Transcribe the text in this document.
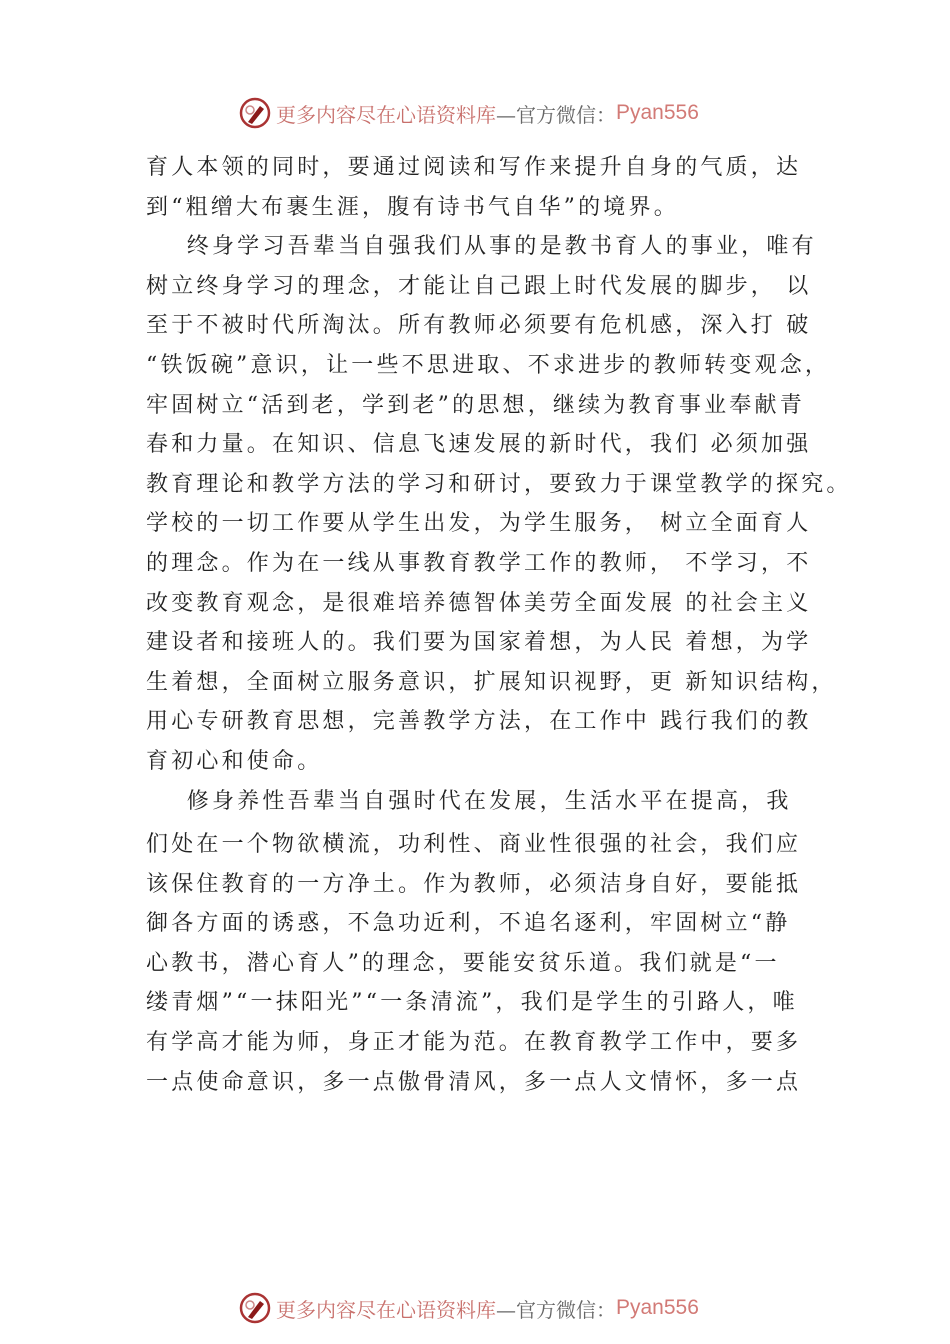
更多内容尽在心语资料库 —官方微信： Pyan556
育人本领的同时，要通过阅读和写作来提升自身的气质，达
到“粗缯大布裹生涯，腹有诗书气自华”的境界。
终身学习吾辈当自强我们从事的是教书育人的事业，唯有
树立终身学习的理念，才能让自己跟上时代发展的脚步， 以
至于不被时代所淘汰。所有教师必须要有危机感，深入打 破
“铁饭碗”意识，让一些不思进取、不求进步的教师转变观念，
牢固树立“活到老，学到老”的思想，继续为教育事业奉献青
春和力量。在知识、信息飞速发展的新时代，我们 必须加强
教育理论和教学方法的学习和研讨，要致力于课堂教学的探究。
学校的一切工作要从学生出发，为学生服务， 树立全面育人
的理念。作为在一线从事教育教学工作的教师， 不学习，不
改变教育观念，是很难培养德智体美劳全面发展 的社会主义
建设者和接班人的。我们要为国家着想，为人民 着想，为学
生着想，全面树立服务意识，扩展知识视野，更 新知识结构，
用心专研教育思想，完善教学方法，在工作中 践行我们的教
育初心和使命。
修身养性吾辈当自强时代在发展，生活水平在提高，我
们处在一个物欲横流，功利性、商业性很强的社会，我们应
该保住教育的一方净土。作为教师，必须洁身自好，要能抵
御各方面的诱惑，不急功近利，不追名逐利，牢固树立“静
心教书，潜心育人”的理念，要能安贫乐道。我们就是“一
缕青烟”“一抹阳光”“一条清流”，我们是学生的引路人，唯
有学高才能为师，身正才能为范。在教育教学工作中，要多
一点使命意识，多一点傲骨清风，多一点人文情怀，多一点
更多内容尽在心语资料库 —官方微信： Pyan556
